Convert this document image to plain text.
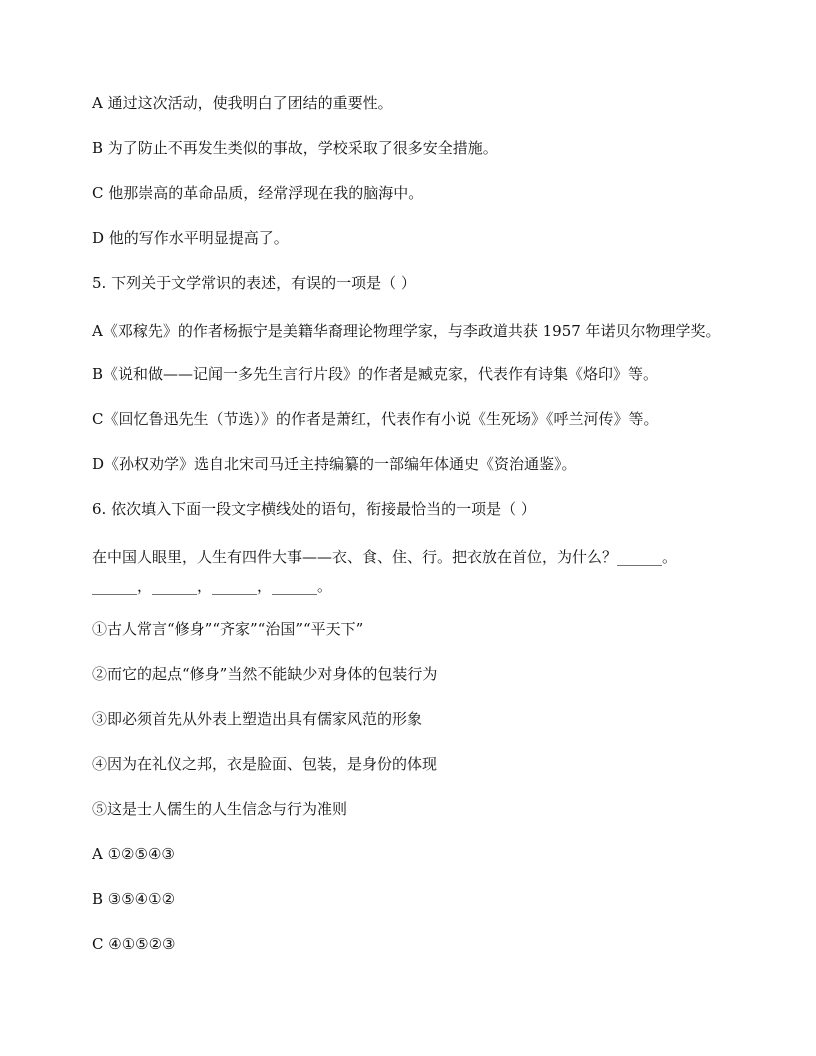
A 通过这次活动，使我明白了团结的重要性。

B 为了防止不再发生类似的事故，学校采取了很多安全措施。

C 他那崇高的革命品质，经常浮现在我的脑海中。

D 他的写作水平明显提高了。

5. 下列关于文学常识的表述，有误的一项是（ ）

A《邓稼先》的作者杨振宁是美籍华裔理论物理学家，与李政道共获 1957 年诺贝尔物理学奖。

B《说和做——记闻一多先生言行片段》的作者是臧克家，代表作有诗集《烙印》等。

C《回忆鲁迅先生（节选）》的作者是萧红，代表作有小说《生死场》《呼兰河传》等。

D《孙权劝学》选自北宋司马迁主持编纂的一部编年体通史《资治通鉴》。

6. 依次填入下面一段文字横线处的语句，衔接最恰当的一项是（ ）

在中国人眼里，人生有四件大事——衣、食、住、行。把衣放在首位，为什么？______。______，______，______，______。

①古人常言“修身”“齐家”“治国”“平天下”

②而它的起点“修身”当然不能缺少对身体的包装行为

③即必须首先从外表上塑造出具有儒家风范的形象

④因为在礼仪之邦，衣是脸面、包装，是身份的体现

⑤这是士人儒生的人生信念与行为准则

A ①②⑤④③

B ③⑤④①②

C ④①⑤②③
